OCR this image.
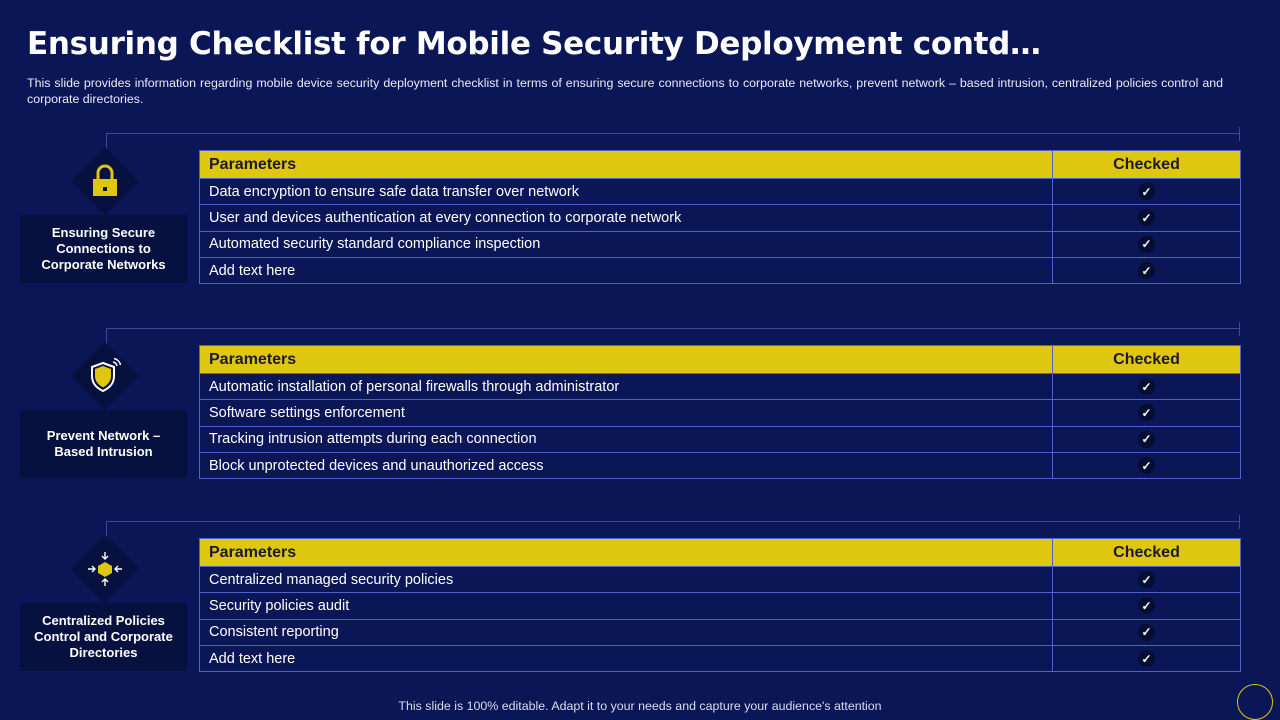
Ensuring Checklist for Mobile Security Deployment contd…
This slide provides information regarding mobile device security deployment checklist in terms of ensuring secure connections to corporate networks, prevent network – based intrusion, centralized policies control and corporate directories.
Ensuring Secure Connections to Corporate Networks
Parameters	Checked
Data encryption to ensure safe data transfer over network	✓
User and devices authentication at every connection to corporate network	✓
Automated security standard compliance inspection	✓
Add text here	✓
Prevent Network – Based Intrusion
Parameters	Checked
Automatic installation of personal firewalls through administrator	✓
Software settings enforcement	✓
Tracking intrusion attempts during each connection	✓
Block unprotected devices and unauthorized access	✓
Centralized Policies Control and Corporate Directories
Parameters	Checked
Centralized managed security policies	✓
Security policies audit	✓
Consistent reporting	✓
Add text here	✓
This slide is 100% editable. Adapt it to your needs and capture your audience's attention
